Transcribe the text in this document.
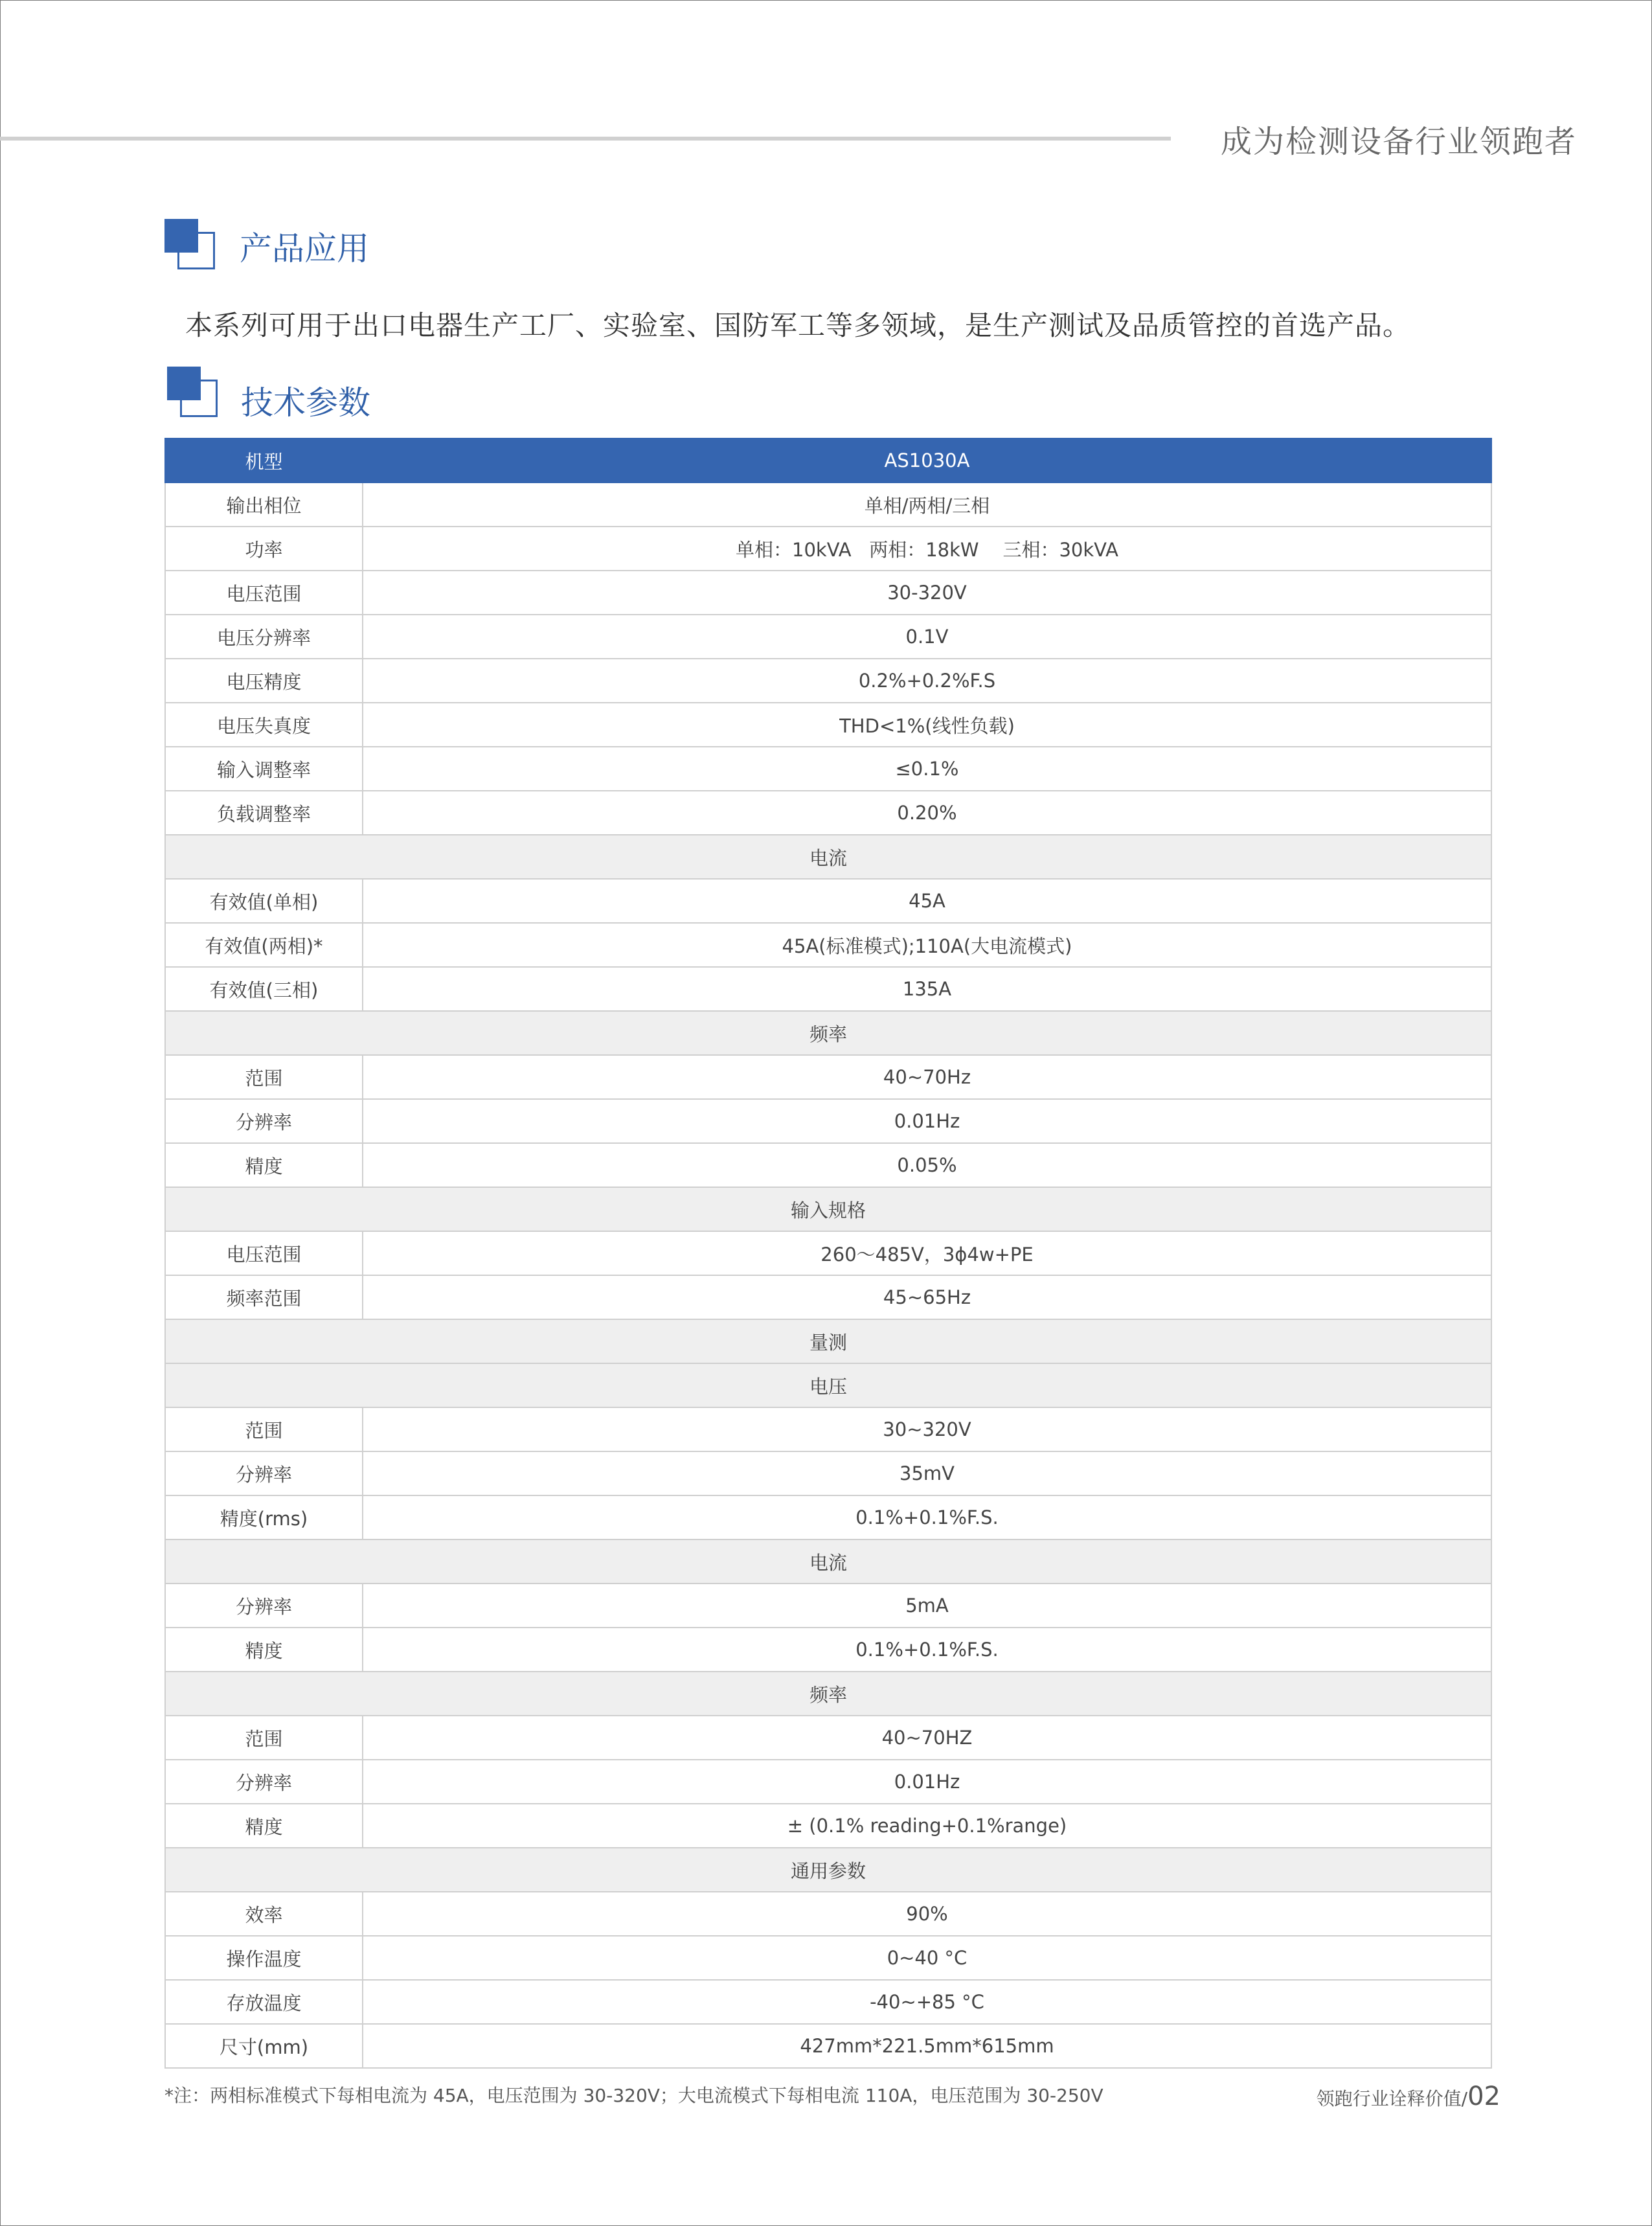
成为检测设备行业领跑者
产品应用
本系列可用于出口电器生产工厂、实验室、国防军工等多领域，是生产测试及品质管控的首选产品。
技术参数
机型	AS1030A
输出相位	单相/两相/三相
功率	单相：10kVA   两相：18kW    三相：30kVA
电压范围	30-320V
电压分辨率	0.1V
电压精度	0.2%+0.2%F.S
电压失真度	THD<1%(线性负载)
输入调整率	≤0.1%
负载调整率	0.20%
电流	
有效值(单相)	45A
有效值(两相)*	45A(标准模式);110A(大电流模式)
有效值(三相)	135A
频率	
范围	40~70Hz
分辨率	0.01Hz
精度	0.05%
输入规格	
电压范围	260～485V，3ϕ4w+PE
频率范围	45~65Hz
量测	
电压	
范围	30~320V
分辨率	35mV
精度(rms)	0.1%+0.1%F.S.
电流	
分辨率	5mA
精度	0.1%+0.1%F.S.
频率	
范围	40~70HZ
分辨率	0.01Hz
精度	± (0.1% reading+0.1%range)
通用参数	
效率	90%
操作温度	0~40 °C
存放温度	-40~+85 °C
尺寸(mm)	427mm*221.5mm*615mm
*注：两相标准模式下每相电流为 45A，电压范围为 30-320V；大电流模式下每相电流 110A，电压范围为 30-250V	领跑行业诠释价值/02
